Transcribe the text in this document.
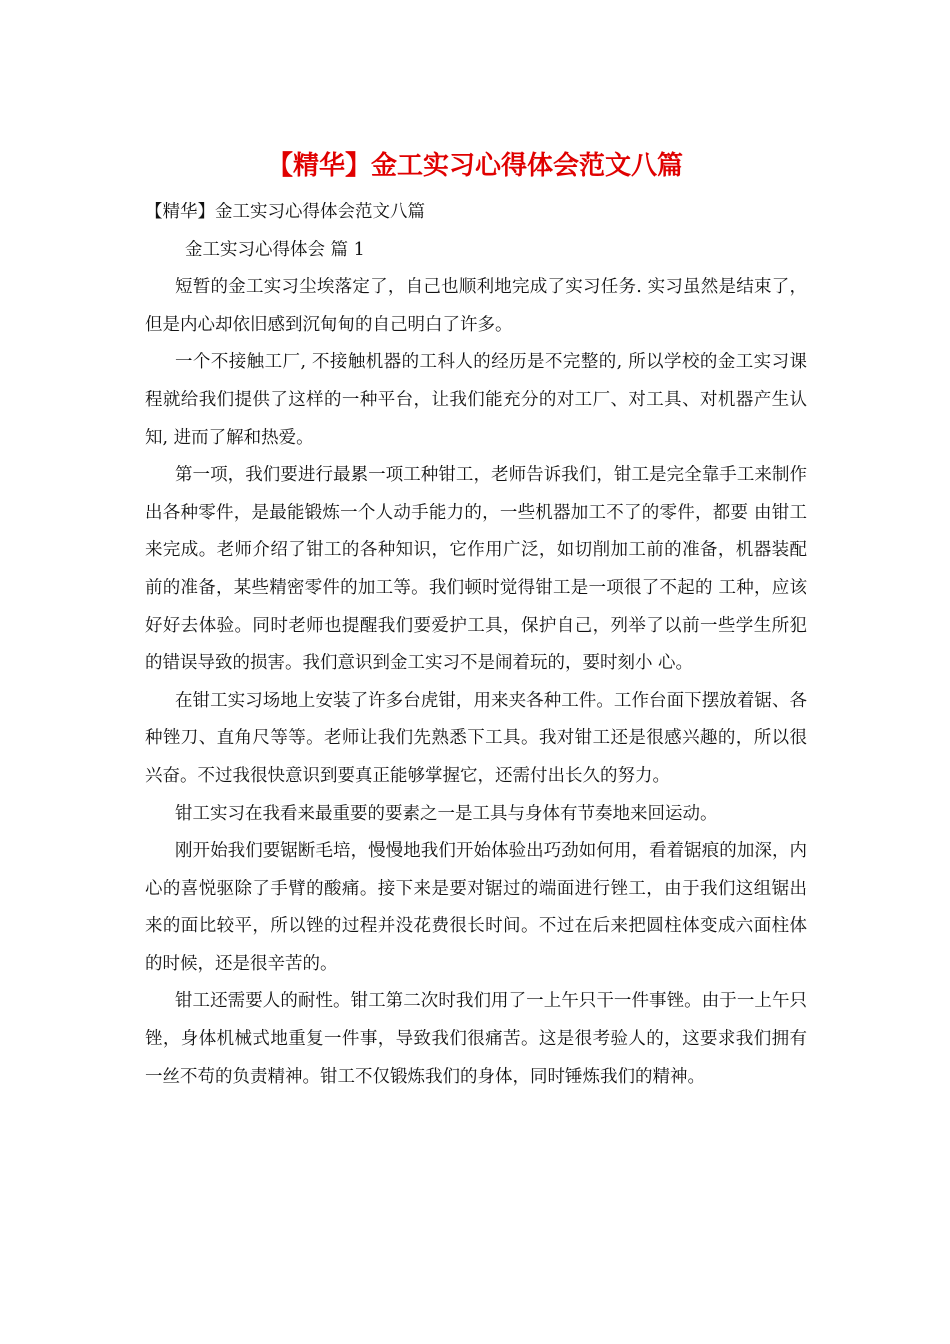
【精华】金工实习心得体会范文八篇

【精华】金工实习心得体会范文八篇

金工实习心得体会 篇 1

短暂的金工实习尘埃落定了，自己也顺利地完成了实习任务. 实习虽然是结束了，但是内心却依旧感到沉甸甸的自己明白了许多。

一个不接触工厂, 不接触机器的工科人的经历是不完整的, 所以学校的金工实习课程就给我们提供了这样的一种平台，让我们能充分的对工厂、对工具、对机器产生认知, 进而了解和热爱。

第一项，我们要进行最累一项工种钳工，老师告诉我们，钳工是完全靠手工来制作出各种零件，是最能锻炼一个人动手能力的，一些机器加工不了的零件，都要 由钳工来完成。老师介绍了钳工的各种知识，它作用广泛，如切削加工前的准备，机器装配前的准备，某些精密零件的加工等。我们顿时觉得钳工是一项很了不起的 工种，应该好好去体验。同时老师也提醒我们要爱护工具，保护自己，列举了以前一些学生所犯的错误导致的损害。我们意识到金工实习不是闹着玩的，要时刻小 心。

在钳工实习场地上安装了许多台虎钳，用来夹各种工件。工作台面下摆放着锯、各种锉刀、直角尺等等。老师让我们先熟悉下工具。我对钳工还是很感兴趣的，所以很兴奋。不过我很快意识到要真正能够掌握它，还需付出长久的努力。

钳工实习在我看来最重要的要素之一是工具与身体有节奏地来回运动。

刚开始我们要锯断毛培，慢慢地我们开始体验出巧劲如何用，看着锯痕的加深，内心的喜悦驱除了手臂的酸痛。接下来是要对锯过的端面进行锉工，由于我们这组锯出来的面比较平，所以锉的过程并没花费很长时间。不过在后来把圆柱体变成六面柱体的时候，还是很辛苦的。

钳工还需要人的耐性。钳工第二次时我们用了一上午只干一件事锉。由于一上午只锉，身体机械式地重复一件事，导致我们很痛苦。这是很考验人的，这要求我们拥有一丝不苟的负责精神。钳工不仅锻炼我们的身体，同时锤炼我们的精神。
